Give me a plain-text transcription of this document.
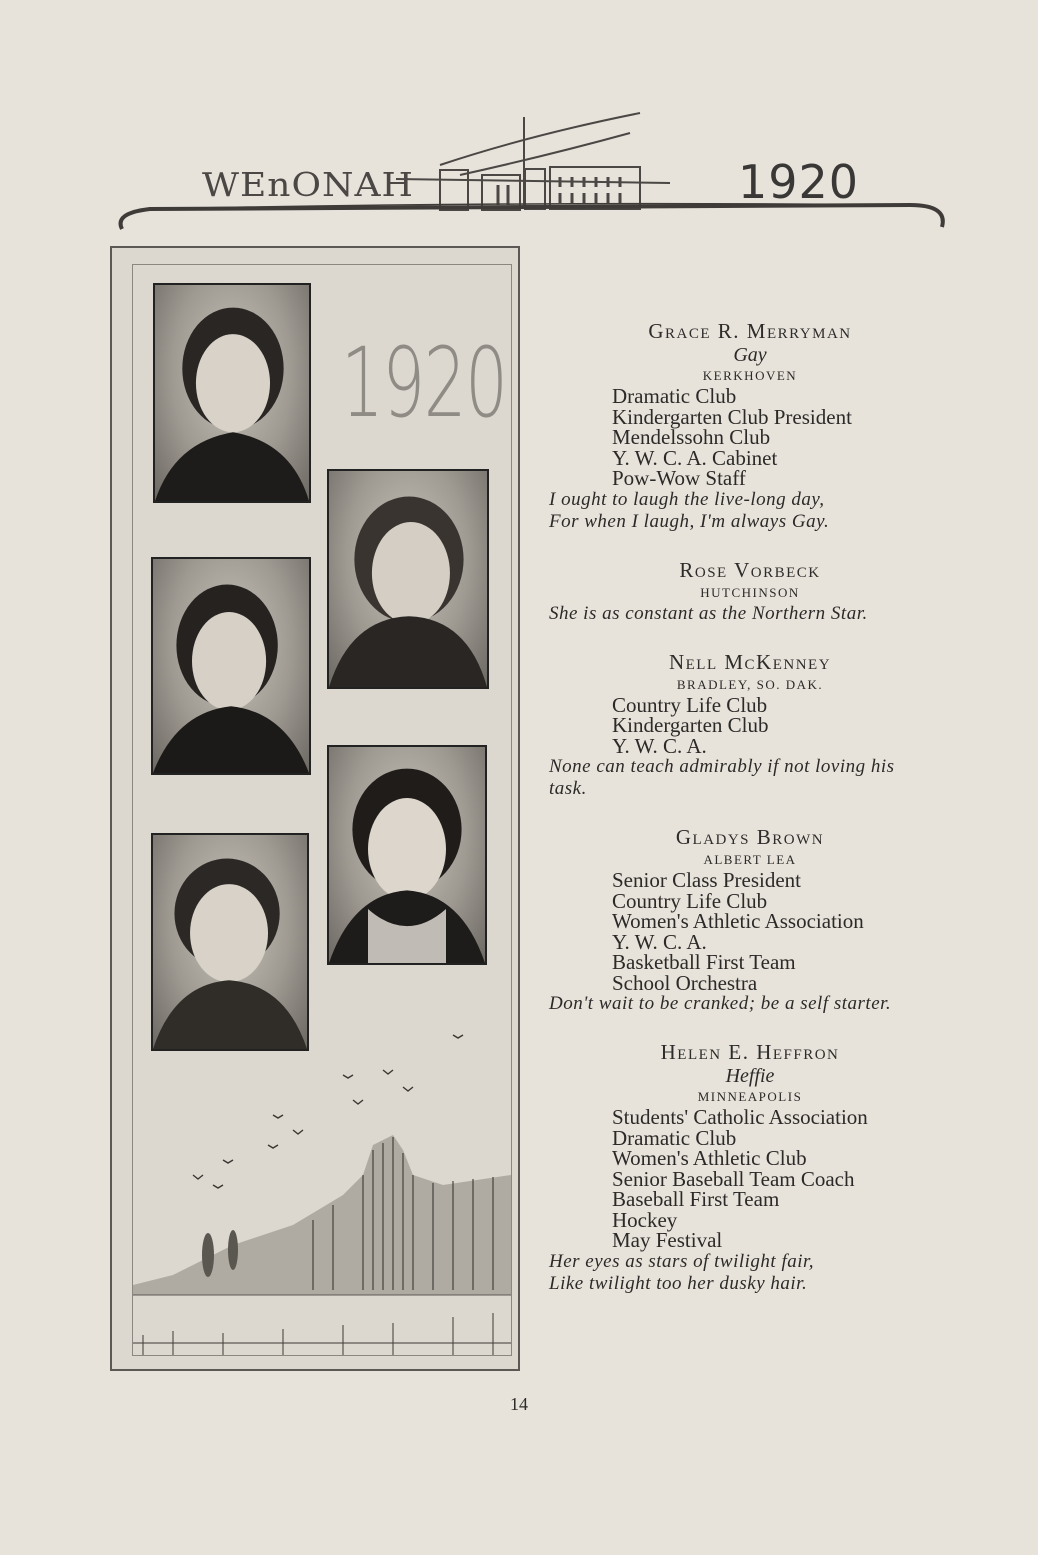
WEnONAH	1920
1920	Grace R. Merryman
Gay
KERKHOVEN
Dramatic Club
Kindergarten Club President
Mendelssohn Club
Y. W. C. A. Cabinet
Pow-Wow Staff
I ought to laugh the live-long day,
For when I laugh, I'm always Gay.
Rose Vorbeck
HUTCHINSON
She is as constant as the Northern Star.
Nell McKenney
BRADLEY, SO. DAK.
Country Life Club
Kindergarten Club
Y. W. C. A.
None can teach admirably if not loving his
task.
Gladys Brown
ALBERT LEA
Senior Class President
Country Life Club
Women's Athletic Association
Y. W. C. A.
Basketball First Team
School Orchestra
Don't wait to be cranked; be a self starter.
Helen E. Heffron
Heffie
MINNEAPOLIS
Students' Catholic Association
Dramatic Club
Women's Athletic Club
Senior Baseball Team Coach
Baseball First Team
Hockey
May Festival
Her eyes as stars of twilight fair,
Like twilight too her dusky hair.
14
